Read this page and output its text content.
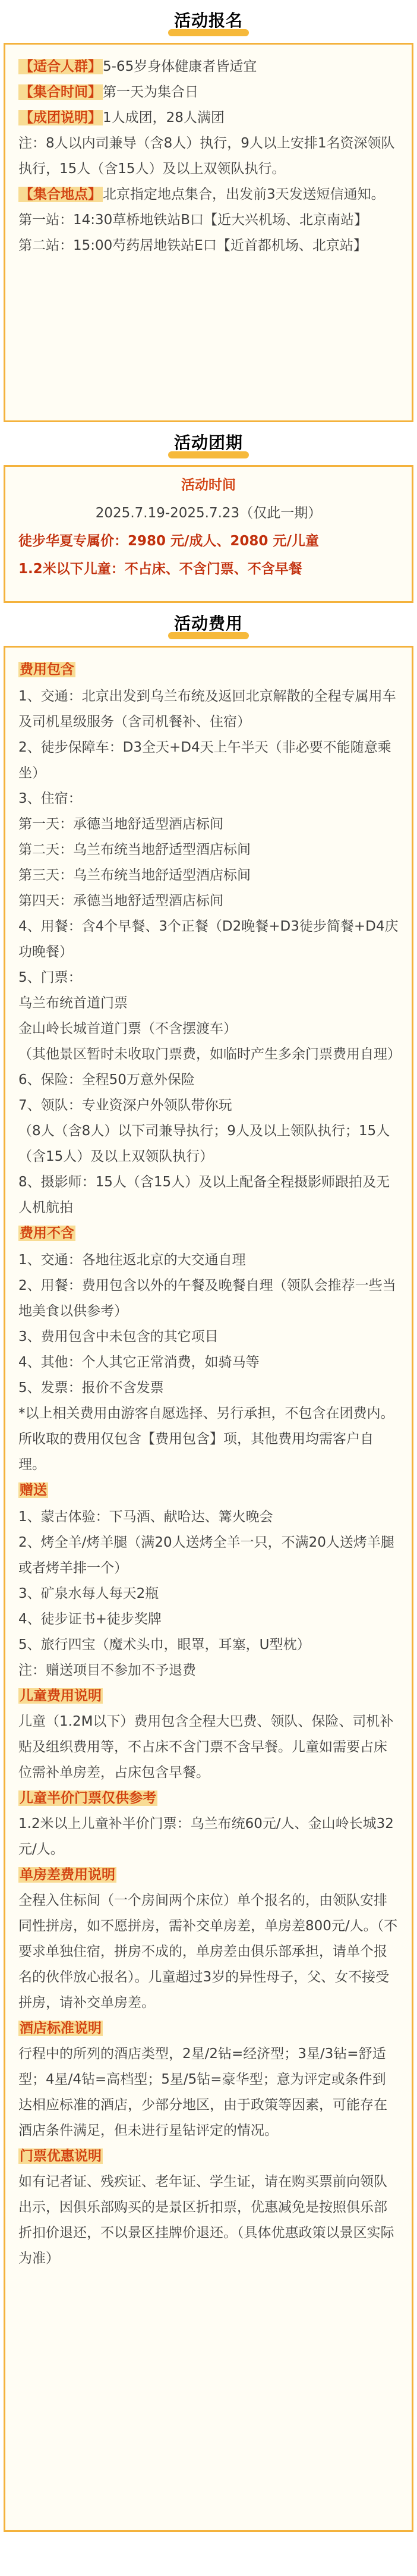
活动报名
【适合人群】5-65岁身体健康者皆适宜
【集合时间】第一天为集合日
【成团说明】1人成团，28人满团
注：8人以内司兼导（含8人）执行，9人以上安排1名资深领队执行，15人（含15人）及以上双领队执行。
【集合地点】北京指定地点集合，出发前3天发送短信通知。
第一站：14:30草桥地铁站B口【近大兴机场、北京南站】
第二站：15:00芍药居地铁站E口【近首都机场、北京站】
活动团期
活动时间
2025.7.19-2025.7.23（仅此一期）
徒步华夏专属价：2980 元/成人、2080 元/儿童
1.2米以下儿童：不占床、不含门票、不含早餐
活动费用
费用包含
1、交通：北京出发到乌兰布统及返回北京解散的全程专属用车及司机星级服务（含司机餐补、住宿）
2、徒步保障车：D3全天+D4天上午半天（非必要不能随意乘坐）
3、住宿：
第一天：承德当地舒适型酒店标间
第二天：乌兰布统当地舒适型酒店标间
第三天：乌兰布统当地舒适型酒店标间
第四天：承德当地舒适型酒店标间
4、用餐：含4个早餐、3个正餐（D2晚餐+D3徒步简餐+D4庆功晚餐）
5、门票：
乌兰布统首道门票
金山岭长城首道门票（不含摆渡车）
（其他景区暂时未收取门票费，如临时产生多余门票费用自理）
6、保险：全程50万意外保险
7、领队：专业资深户外领队带你玩
（8人（含8人）以下司兼导执行；9人及以上领队执行；15人（含15人）及以上双领队执行）
8、摄影师：15人（含15人）及以上配备全程摄影师跟拍及无人机航拍
费用不含
1、交通：各地往返北京的大交通自理
2、用餐：费用包含以外的午餐及晚餐自理（领队会推荐一些当地美食以供参考）
3、费用包含中未包含的其它项目
4、其他：个人其它正常消费，如骑马等
5、发票：报价不含发票
*以上相关费用由游客自愿选择、另行承担，不包含在团费内。所收取的费用仅包含【费用包含】项，其他费用均需客户自理。
赠送
1、蒙古体验：下马酒、献哈达、篝火晚会
2、烤全羊/烤羊腿（满20人送烤全羊一只，不满20人送烤羊腿或者烤羊排一个）
3、矿泉水每人每天2瓶
4、徒步证书+徒步奖牌
5、旅行四宝（魔术头巾，眼罩，耳塞，U型枕）
注：赠送项目不参加不予退费
儿童费用说明
儿童（1.2M以下）费用包含全程大巴费、领队、保险、司机补贴及组织费用等，不占床不含门票不含早餐。儿童如需要占床位需补单房差，占床包含早餐。
儿童半价门票仅供参考
1.2米以上儿童补半价门票：乌兰布统60元/人、金山岭长城32元/人。
单房差费用说明
全程入住标间（一个房间两个床位）单个报名的，由领队安排同性拼房，如不愿拼房，需补交单房差，单房差800元/人。（不要求单独住宿，拼房不成的，单房差由俱乐部承担，请单个报名的伙伴放心报名）。儿童超过3岁的异性母子，父、女不接受拼房，请补交单房差。
酒店标准说明
行程中的所列的酒店类型，2星/2钻=经济型；3星/3钻=舒适型；4星/4钻=高档型；5星/5钻=豪华型；意为评定或条件到达相应标准的酒店，少部分地区，由于政策等因素，可能存在酒店条件满足，但未进行星钻评定的情况。
门票优惠说明
如有记者证、残疾证、老年证、学生证，请在购买票前向领队出示，因俱乐部购买的是景区折扣票，优惠减免是按照俱乐部折扣价退还，不以景区挂牌价退还。（具体优惠政策以景区实际为准）
